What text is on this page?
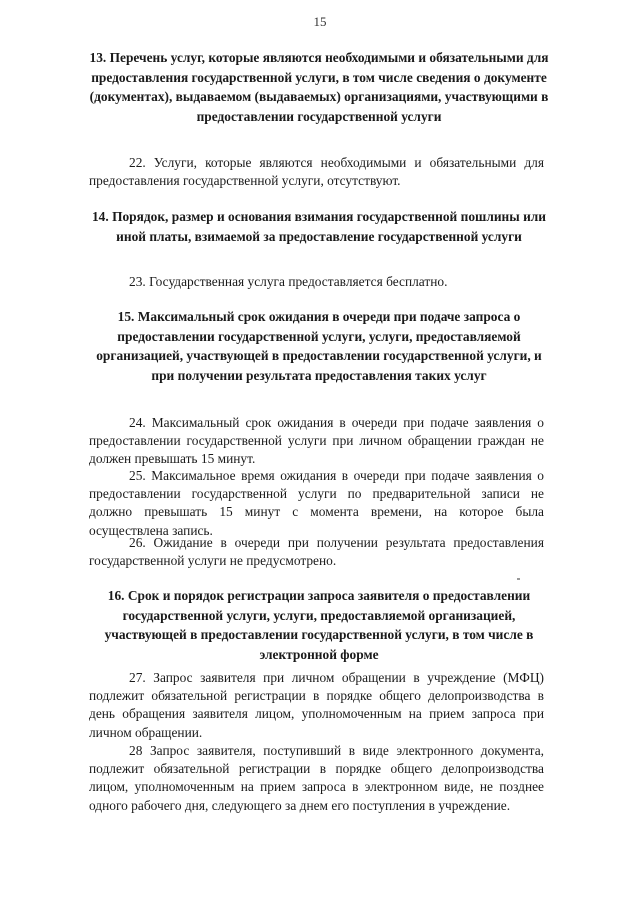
15
13. Перечень услуг, которые являются необходимыми и обязательными для предоставления государственной услуги, в том числе сведения о документе (документах), выдаваемом (выдаваемых) организациями, участвующими в предоставлении государственной услуги

22. Услуги, которые являются необходимыми и обязательными для предоставления государственной услуги, отсутствуют.

14. Порядок, размер и основания взимания государственной пошлины или иной платы, взимаемой за предоставление государственной услуги

23. Государственная услуга предоставляется бесплатно.

15. Максимальный срок ожидания в очереди при подаче запроса о предоставлении государственной услуги, услуги, предоставляемой организацией, участвующей в предоставлении государственной услуги, и при получении результата предоставления таких услуг

24. Максимальный срок ожидания в очереди при подаче заявления о предоставлении государственной услуги при личном обращении граждан не должен превышать 15 минут.

25. Максимальное время ожидания в очереди при подаче заявления о предоставлении государственной услуги по предварительной записи не должно превышать 15 минут с момента времени, на которое была осуществлена запись.

26. Ожидание в очереди при получении результата предоставления государственной услуги не предусмотрено.

16. Срок и порядок регистрации запроса заявителя о предоставлении государственной услуги, услуги, предоставляемой организацией, участвующей в предоставлении государственной услуги, в том числе в электронной форме

27. Запрос заявителя при личном обращении в учреждение (МФЦ) подлежит обязательной регистрации в порядке общего делопроизводства в день обращения заявителя лицом, уполномоченным на прием запроса при личном обращении.

28 Запрос заявителя, поступивший в виде электронного документа, подлежит обязательной регистрации в порядке общего делопроизводства лицом, уполномоченным на прием запроса в электронном виде, не позднее одного рабочего дня, следующего за днем его поступления в учреждение.
